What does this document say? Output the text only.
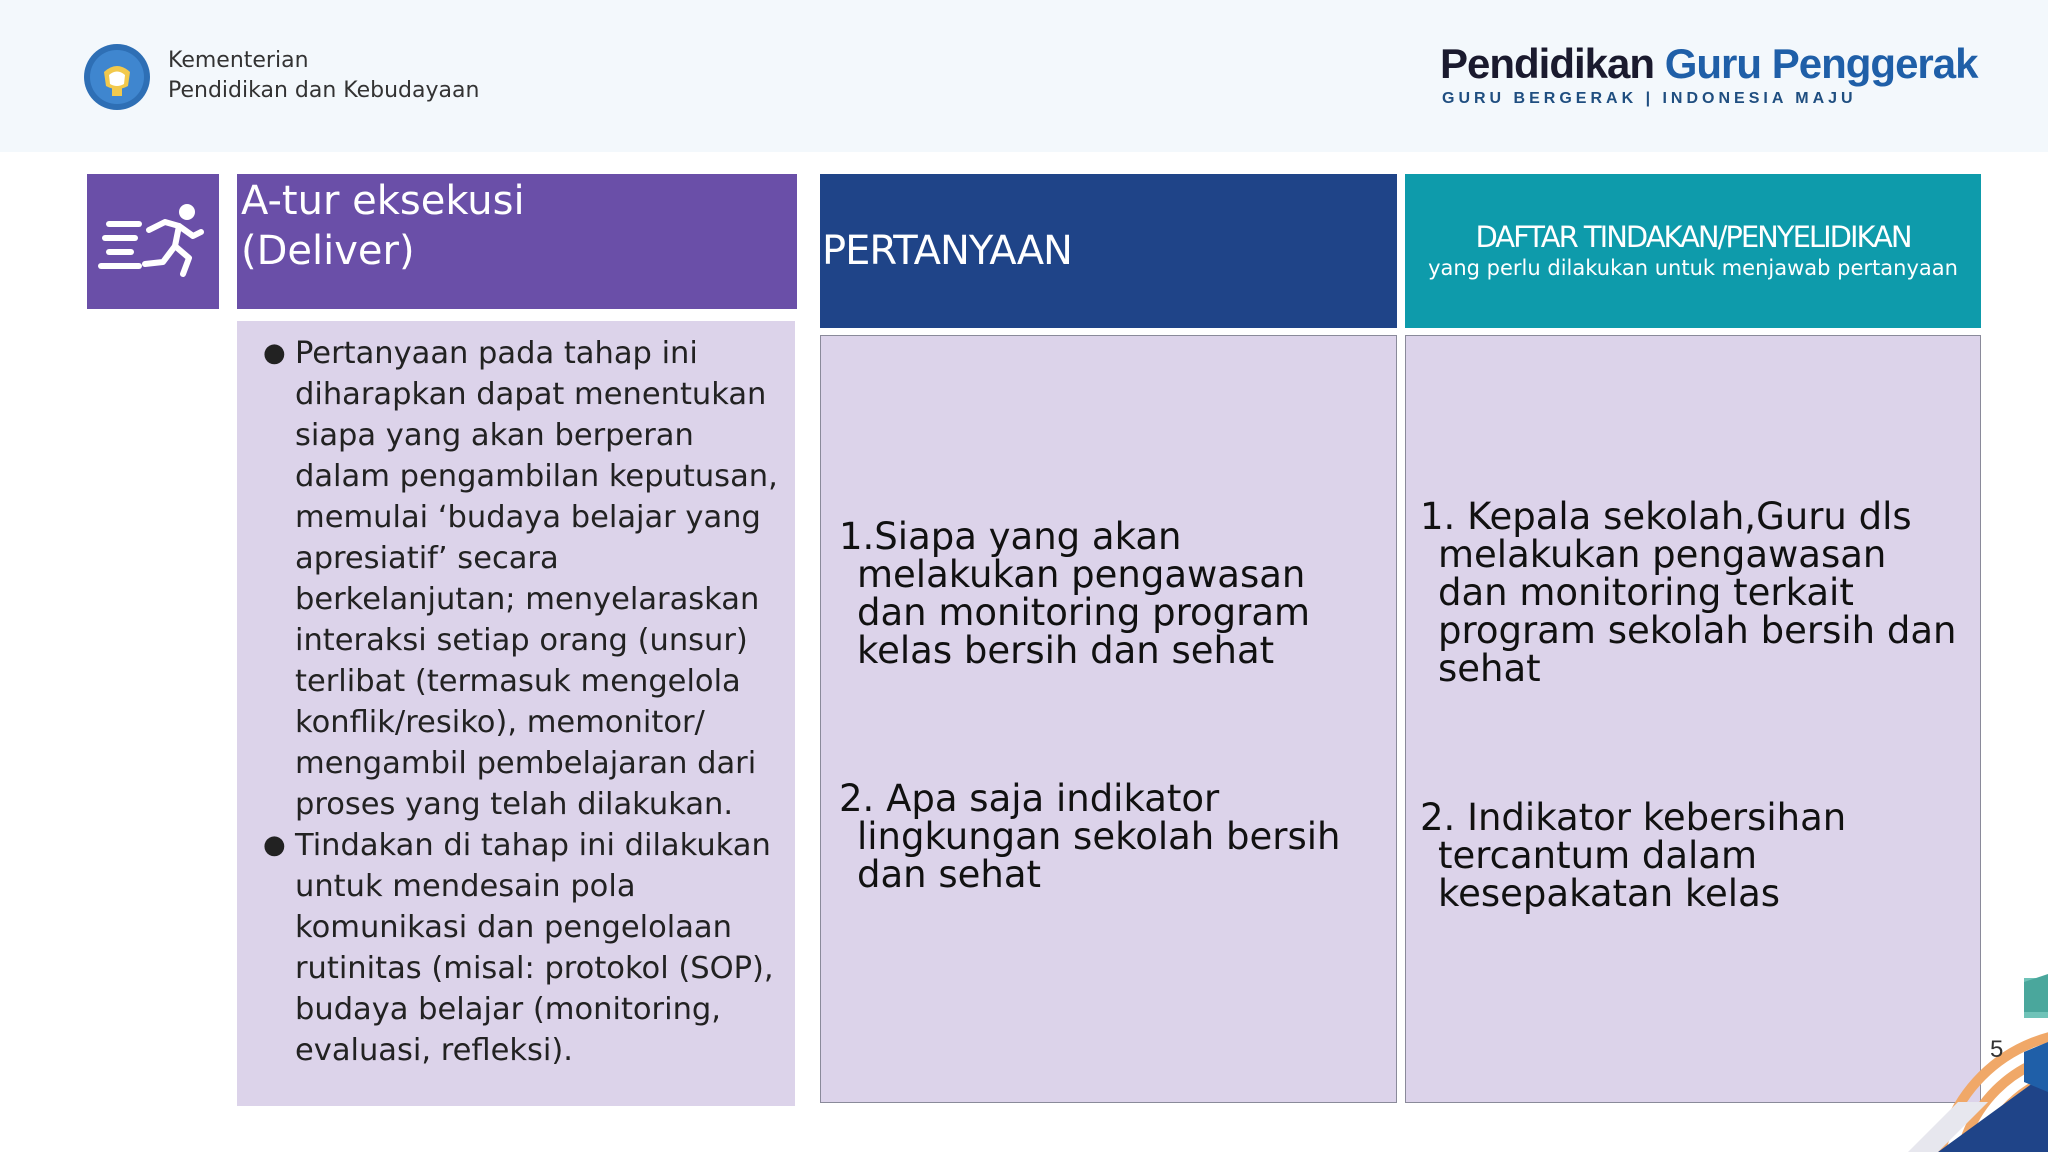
Kementerian
Pendidikan dan Kebudayaan
Pendidikan Guru Penggerak
GURU BERGERAK | INDONESIA MAJU
A-tur eksekusi
(Deliver)
● Pertanyaan pada tahap ini diharapkan dapat menentukan siapa yang akan berperan dalam pengambilan keputusan, memulai ‘budaya belajar yang apresiatif’ secara berkelanjutan; menyelaraskan interaksi setiap orang (unsur) terlibat (termasuk mengelola konflik/resiko), memonitor/ mengambil pembelajaran dari proses yang telah dilakukan.
● Tindakan di tahap ini dilakukan untuk mendesain pola komunikasi dan pengelolaan rutinitas (misal: protokol (SOP), budaya belajar (monitoring, evaluasi, refleksi).
PERTANYAAN	DAFTAR TINDAKAN/PENYELIDIKAN
yang perlu dilakukan untuk menjawab pertanyaan
1.Siapa yang akan
melakukan pengawasan
dan monitoring program
kelas bersih dan sehat
2. Apa saja indikator
lingkungan sekolah bersih
dan sehat
1. Kepala sekolah,Guru dls
melakukan pengawasan
dan monitoring terkait
program sekolah bersih dan
sehat
2. Indikator kebersihan
tercantum dalam
kesepakatan kelas
5
